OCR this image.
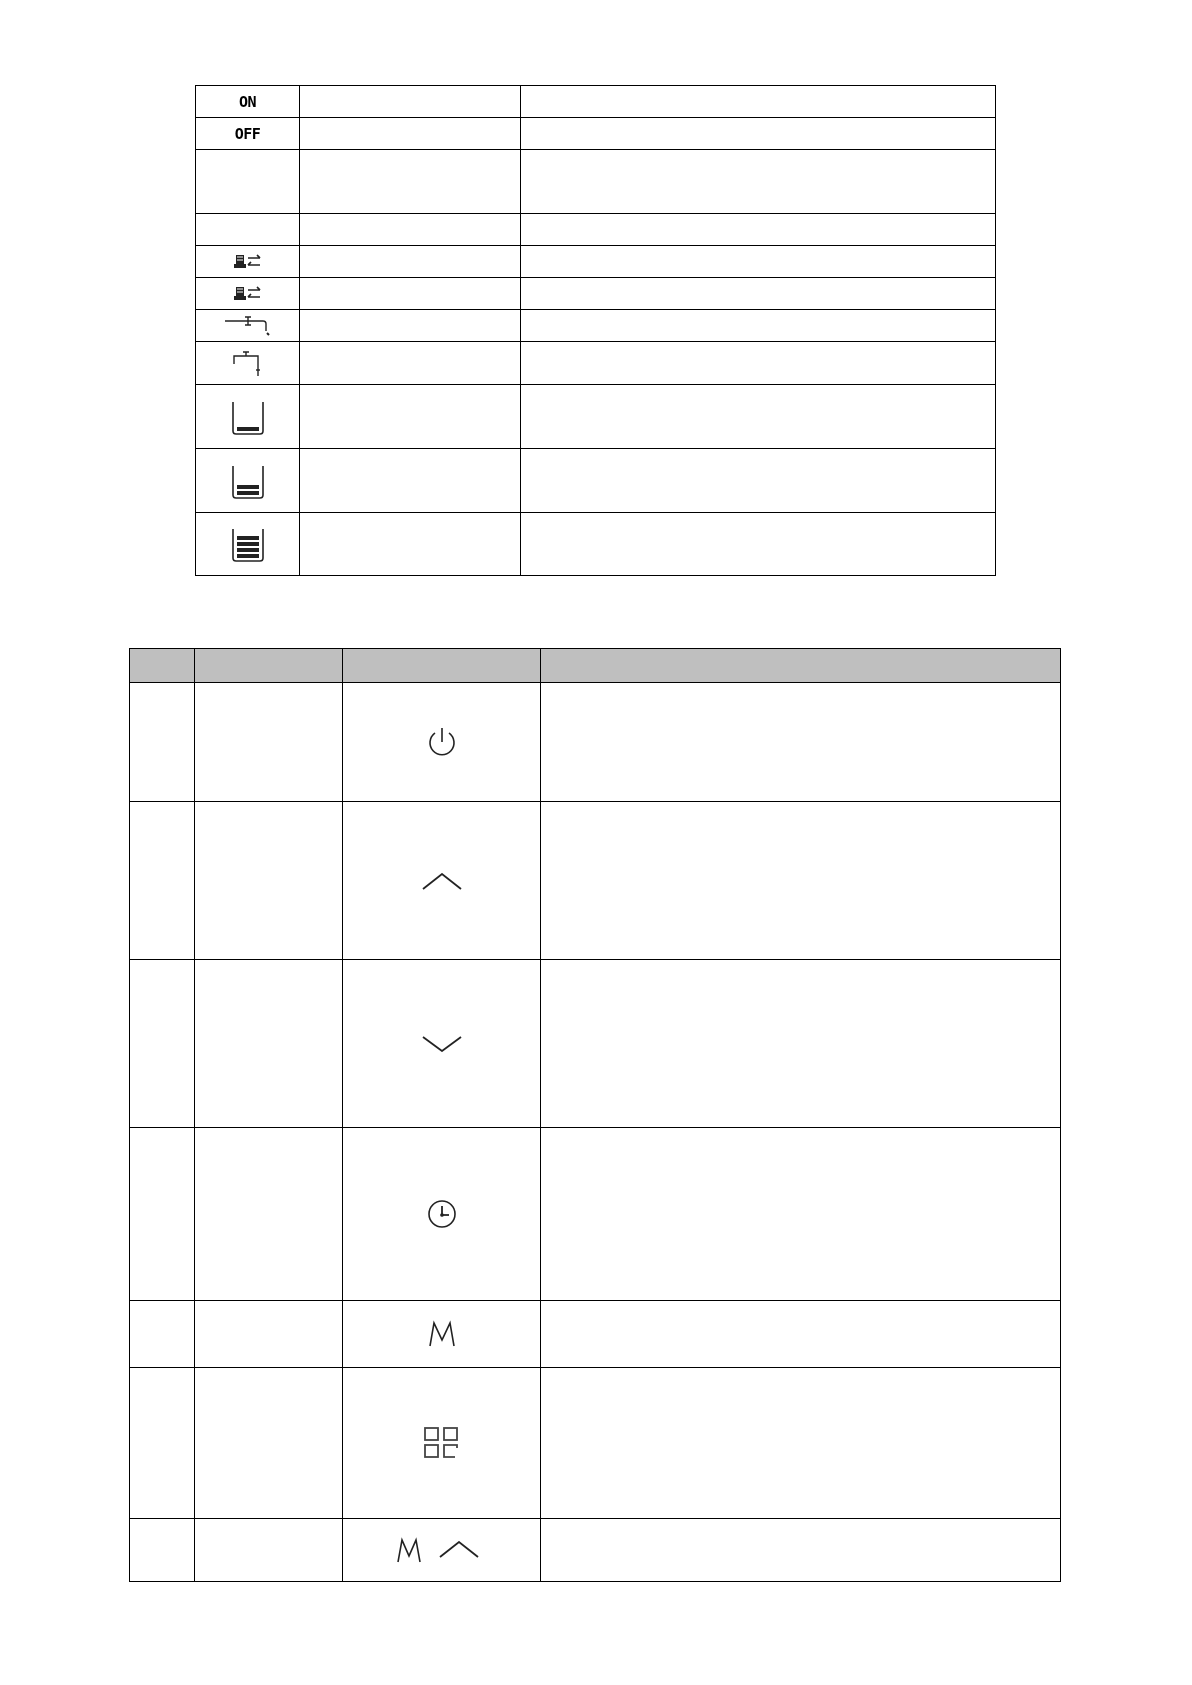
ON		
OFF		
